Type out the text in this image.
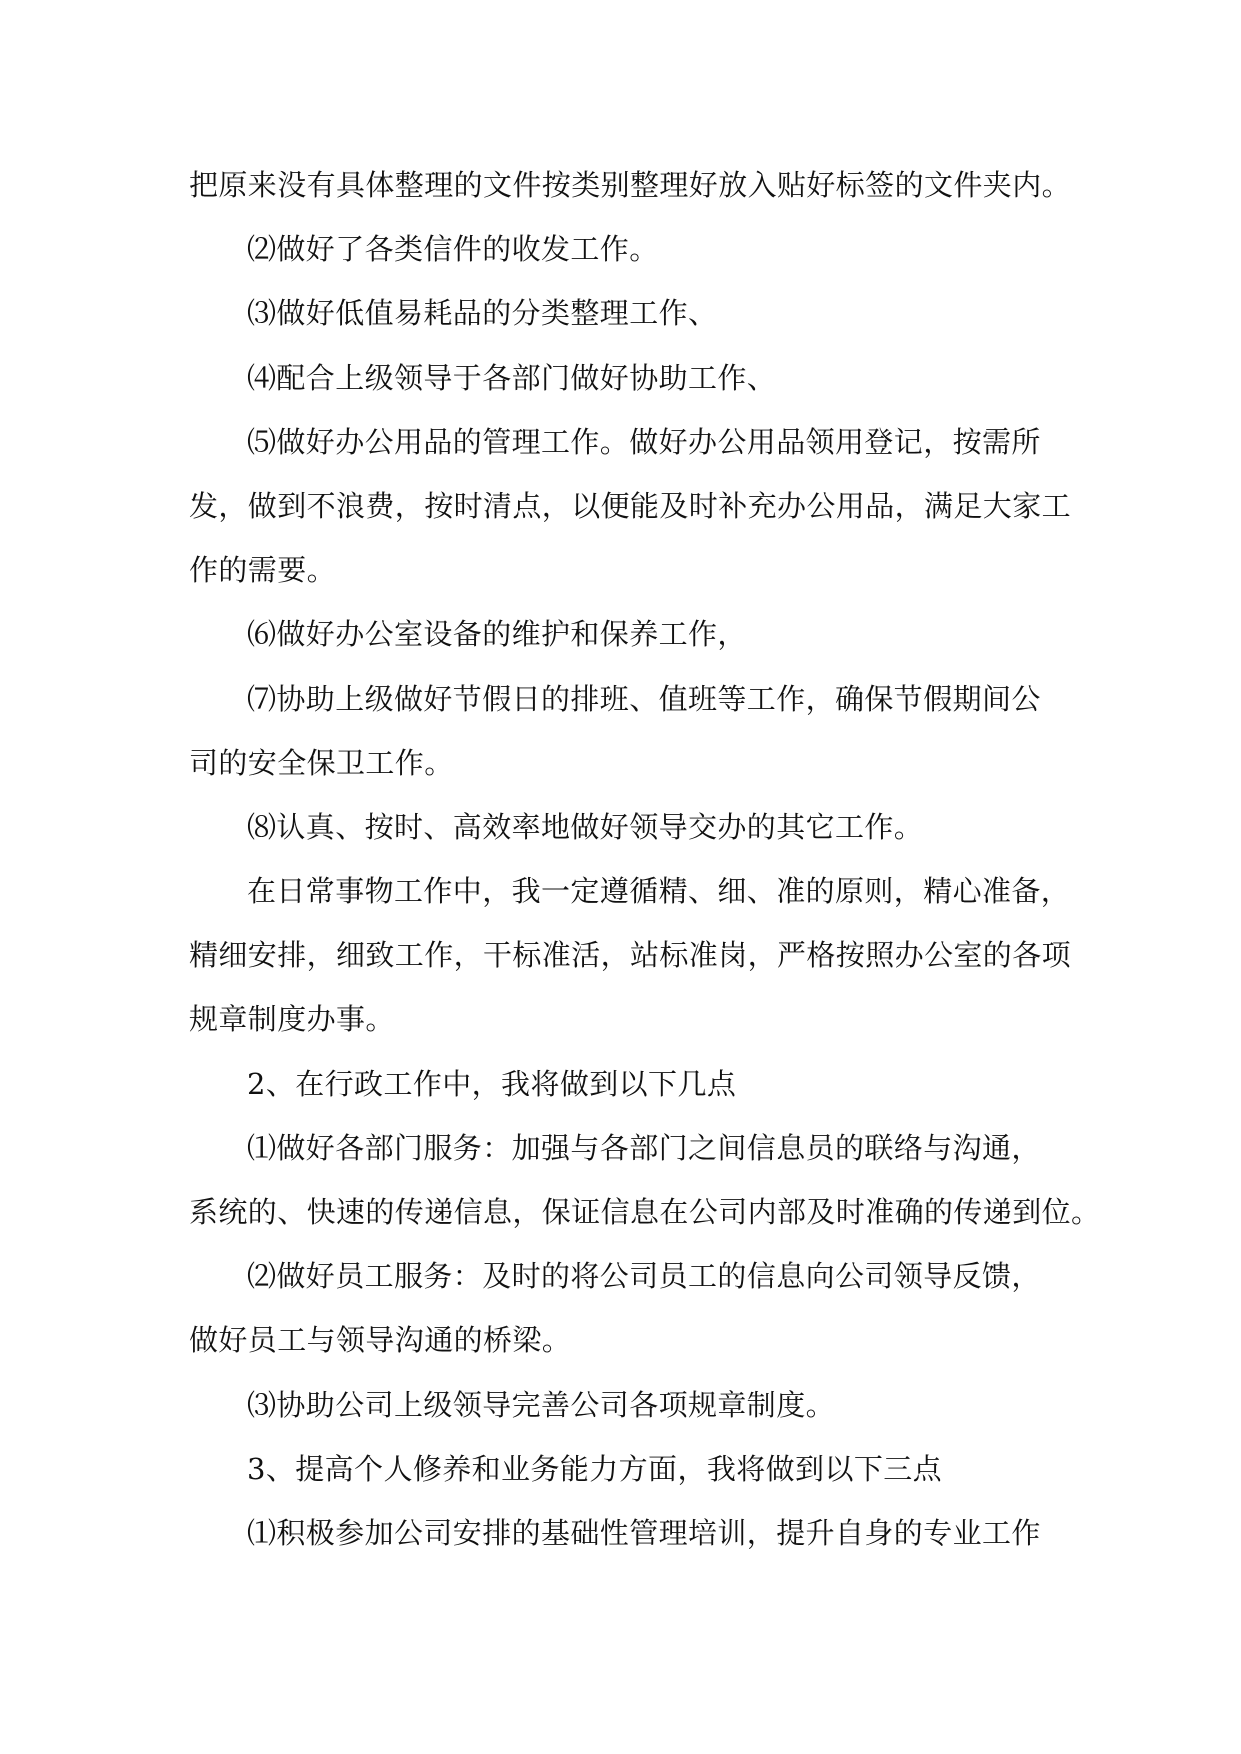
把原来没有具体整理的文件按类别整理好放入贴好标签的文件夹内。
⑵做好了各类信件的收发工作。
⑶做好低值易耗品的分类整理工作、
⑷配合上级领导于各部门做好协助工作、
⑸做好办公用品的管理工作。做好办公用品领用登记，按需所
发，做到不浪费，按时清点，以便能及时补充办公用品，满足大家工
作的需要。
⑹做好办公室设备的维护和保养工作，
⑺协助上级做好节假日的排班、值班等工作，确保节假期间公
司的安全保卫工作。
⑻认真、按时、高效率地做好领导交办的其它工作。
在日常事物工作中，我一定遵循精、细、准的原则，精心准备，
精细安排，细致工作，干标准活，站标准岗，严格按照办公室的各项
规章制度办事。
2、在行政工作中，我将做到以下几点
⑴做好各部门服务：加强与各部门之间信息员的联络与沟通，
系统的、快速的传递信息，保证信息在公司内部及时准确的传递到位。
⑵做好员工服务：及时的将公司员工的信息向公司领导反馈，
做好员工与领导沟通的桥梁。
⑶协助公司上级领导完善公司各项规章制度。
3、提高个人修养和业务能力方面，我将做到以下三点
⑴积极参加公司安排的基础性管理培训，提升自身的专业工作
